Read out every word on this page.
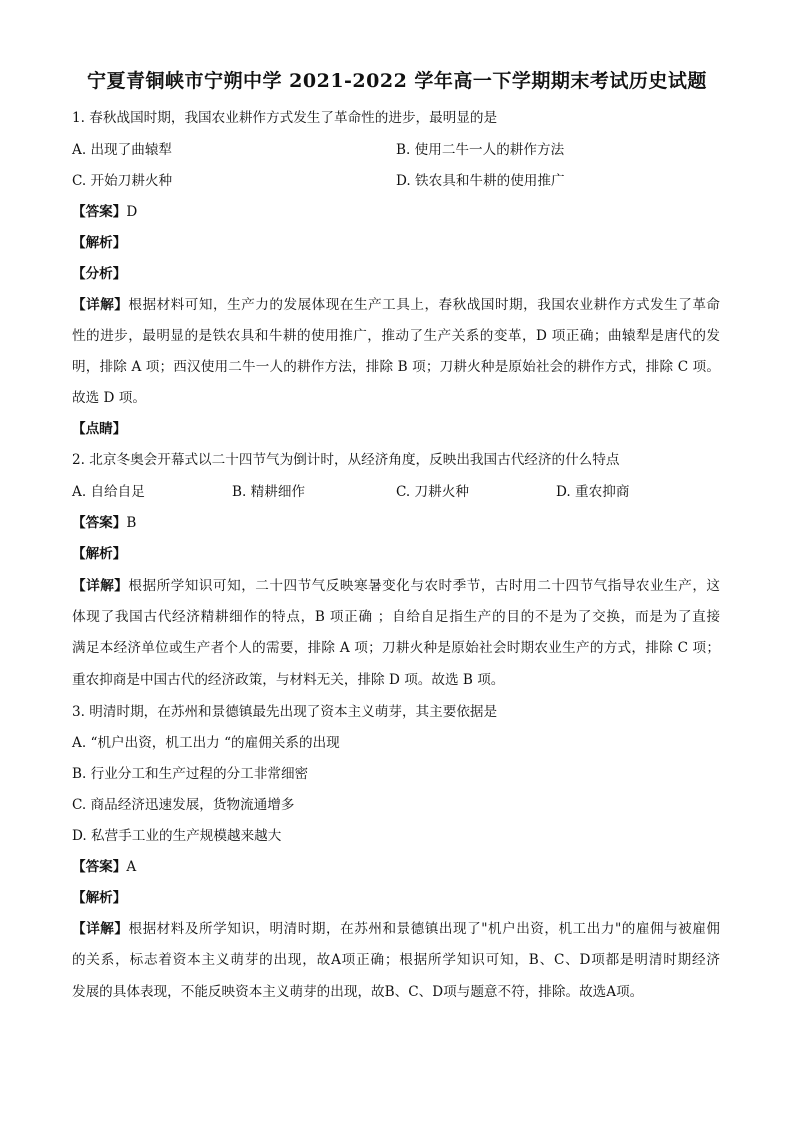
宁夏青铜峡市宁朔中学 2021-2022 学年高一下学期期末考试历史试题
1. 春秋战国时期，我国农业耕作方式发生了革命性的进步，最明显的是
A. 出现了曲辕犁	B. 使用二牛一人的耕作方法
C. 开始刀耕火种	D. 铁农具和牛耕的使用推广
【答案】D
【解析】
【分析】
【详解】根据材料可知，生产力的发展体现在生产工具上，春秋战国时期，我国农业耕作方式发生了革命
性的进步，最明显的是铁农具和牛耕的使用推广，推动了生产关系的变革，D 项正确；曲辕犁是唐代的发
明，排除 A 项；西汉使用二牛一人的耕作方法，排除 B 项；刀耕火种是原始社会的耕作方式，排除 C 项。
故选 D 项。
【点睛】
2. 北京冬奥会开幕式以二十四节气为倒计时，从经济角度，反映出我国古代经济的什么特点
A. 自给自足	B. 精耕细作	C. 刀耕火种	D. 重农抑商
【答案】B
【解析】
【详解】根据所学知识可知，二十四节气反映寒暑变化与农时季节，古时用二十四节气指导农业生产，这
体现了我国古代经济精耕细作的特点，B 项正确 ；自给自足指生产的目的不是为了交换，而是为了直接
满足本经济单位或生产者个人的需要，排除 A 项；刀耕火种是原始社会时期农业生产的方式，排除 C 项；
重农抑商是中国古代的经济政策，与材料无关，排除 D 项。故选 B 项。
3. 明清时期，在苏州和景德镇最先出现了资本主义萌芽，其主要依据是
A. “机户出资，机工出力 “的雇佣关系的出现
B. 行业分工和生产过程的分工非常细密
C. 商品经济迅速发展，货物流通增多
D. 私营手工业的生产规模越来越大
【答案】A
【解析】
【详解】根据材料及所学知识，明清时期，在苏州和景德镇出现了"机户出资，机工出力"的雇佣与被雇佣
的关系，标志着资本主义萌芽的出现，故A项正确；根据所学知识可知，B、C、D项都是明清时期经济
发展的具体表现，不能反映资本主义萌芽的出现，故B、C、D项与题意不符，排除。故选A项。
